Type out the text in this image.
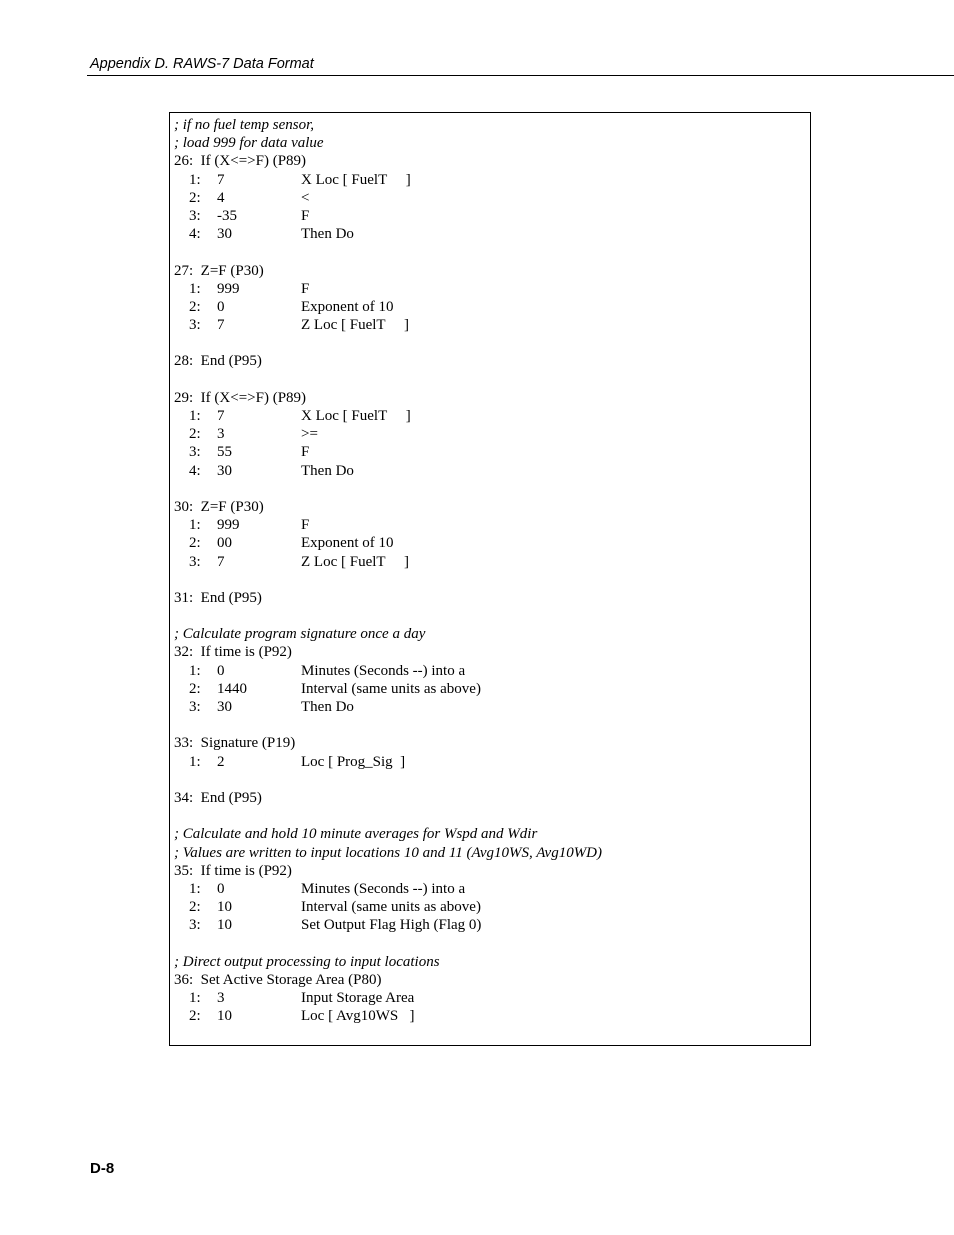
Appendix D. RAWS-7 Data Format
; if no fuel temp sensor,
; load 999 for data value
26:  If (X<=>F) (P89)
1: 7	X Loc [ FuelT     ]
2: 4	<
3: -35	F
4: 30	Then Do
27:  Z=F (P30)
1: 999	F
2: 0	Exponent of 10
3: 7	Z Loc [ FuelT     ]
28:  End (P95)
29:  If (X<=>F) (P89)
1: 7	X Loc [ FuelT     ]
2: 3	>=
3: 55	F
4: 30	Then Do
30:  Z=F (P30)
1: 999	F
2: 00	Exponent of 10
3: 7	Z Loc [ FuelT     ]
31:  End (P95)
; Calculate program signature once a day
32:  If time is (P92)
1: 0	Minutes (Seconds --) into a
2: 1440	Interval (same units as above)
3: 30	Then Do
33:  Signature (P19)
1: 2	Loc [ Prog_Sig  ]
34:  End (P95)
; Calculate and hold 10 minute averages for Wspd and Wdir
; Values are written to input locations 10 and 11 (Avg10WS, Avg10WD)
35:  If time is (P92)
1: 0	Minutes (Seconds --) into a
2: 10	Interval (same units as above)
3: 10	Set Output Flag High (Flag 0)
; Direct output processing to input locations
36:  Set Active Storage Area (P80)
1: 3	Input Storage Area
2: 10	Loc [ Avg10WS   ]
D-8
